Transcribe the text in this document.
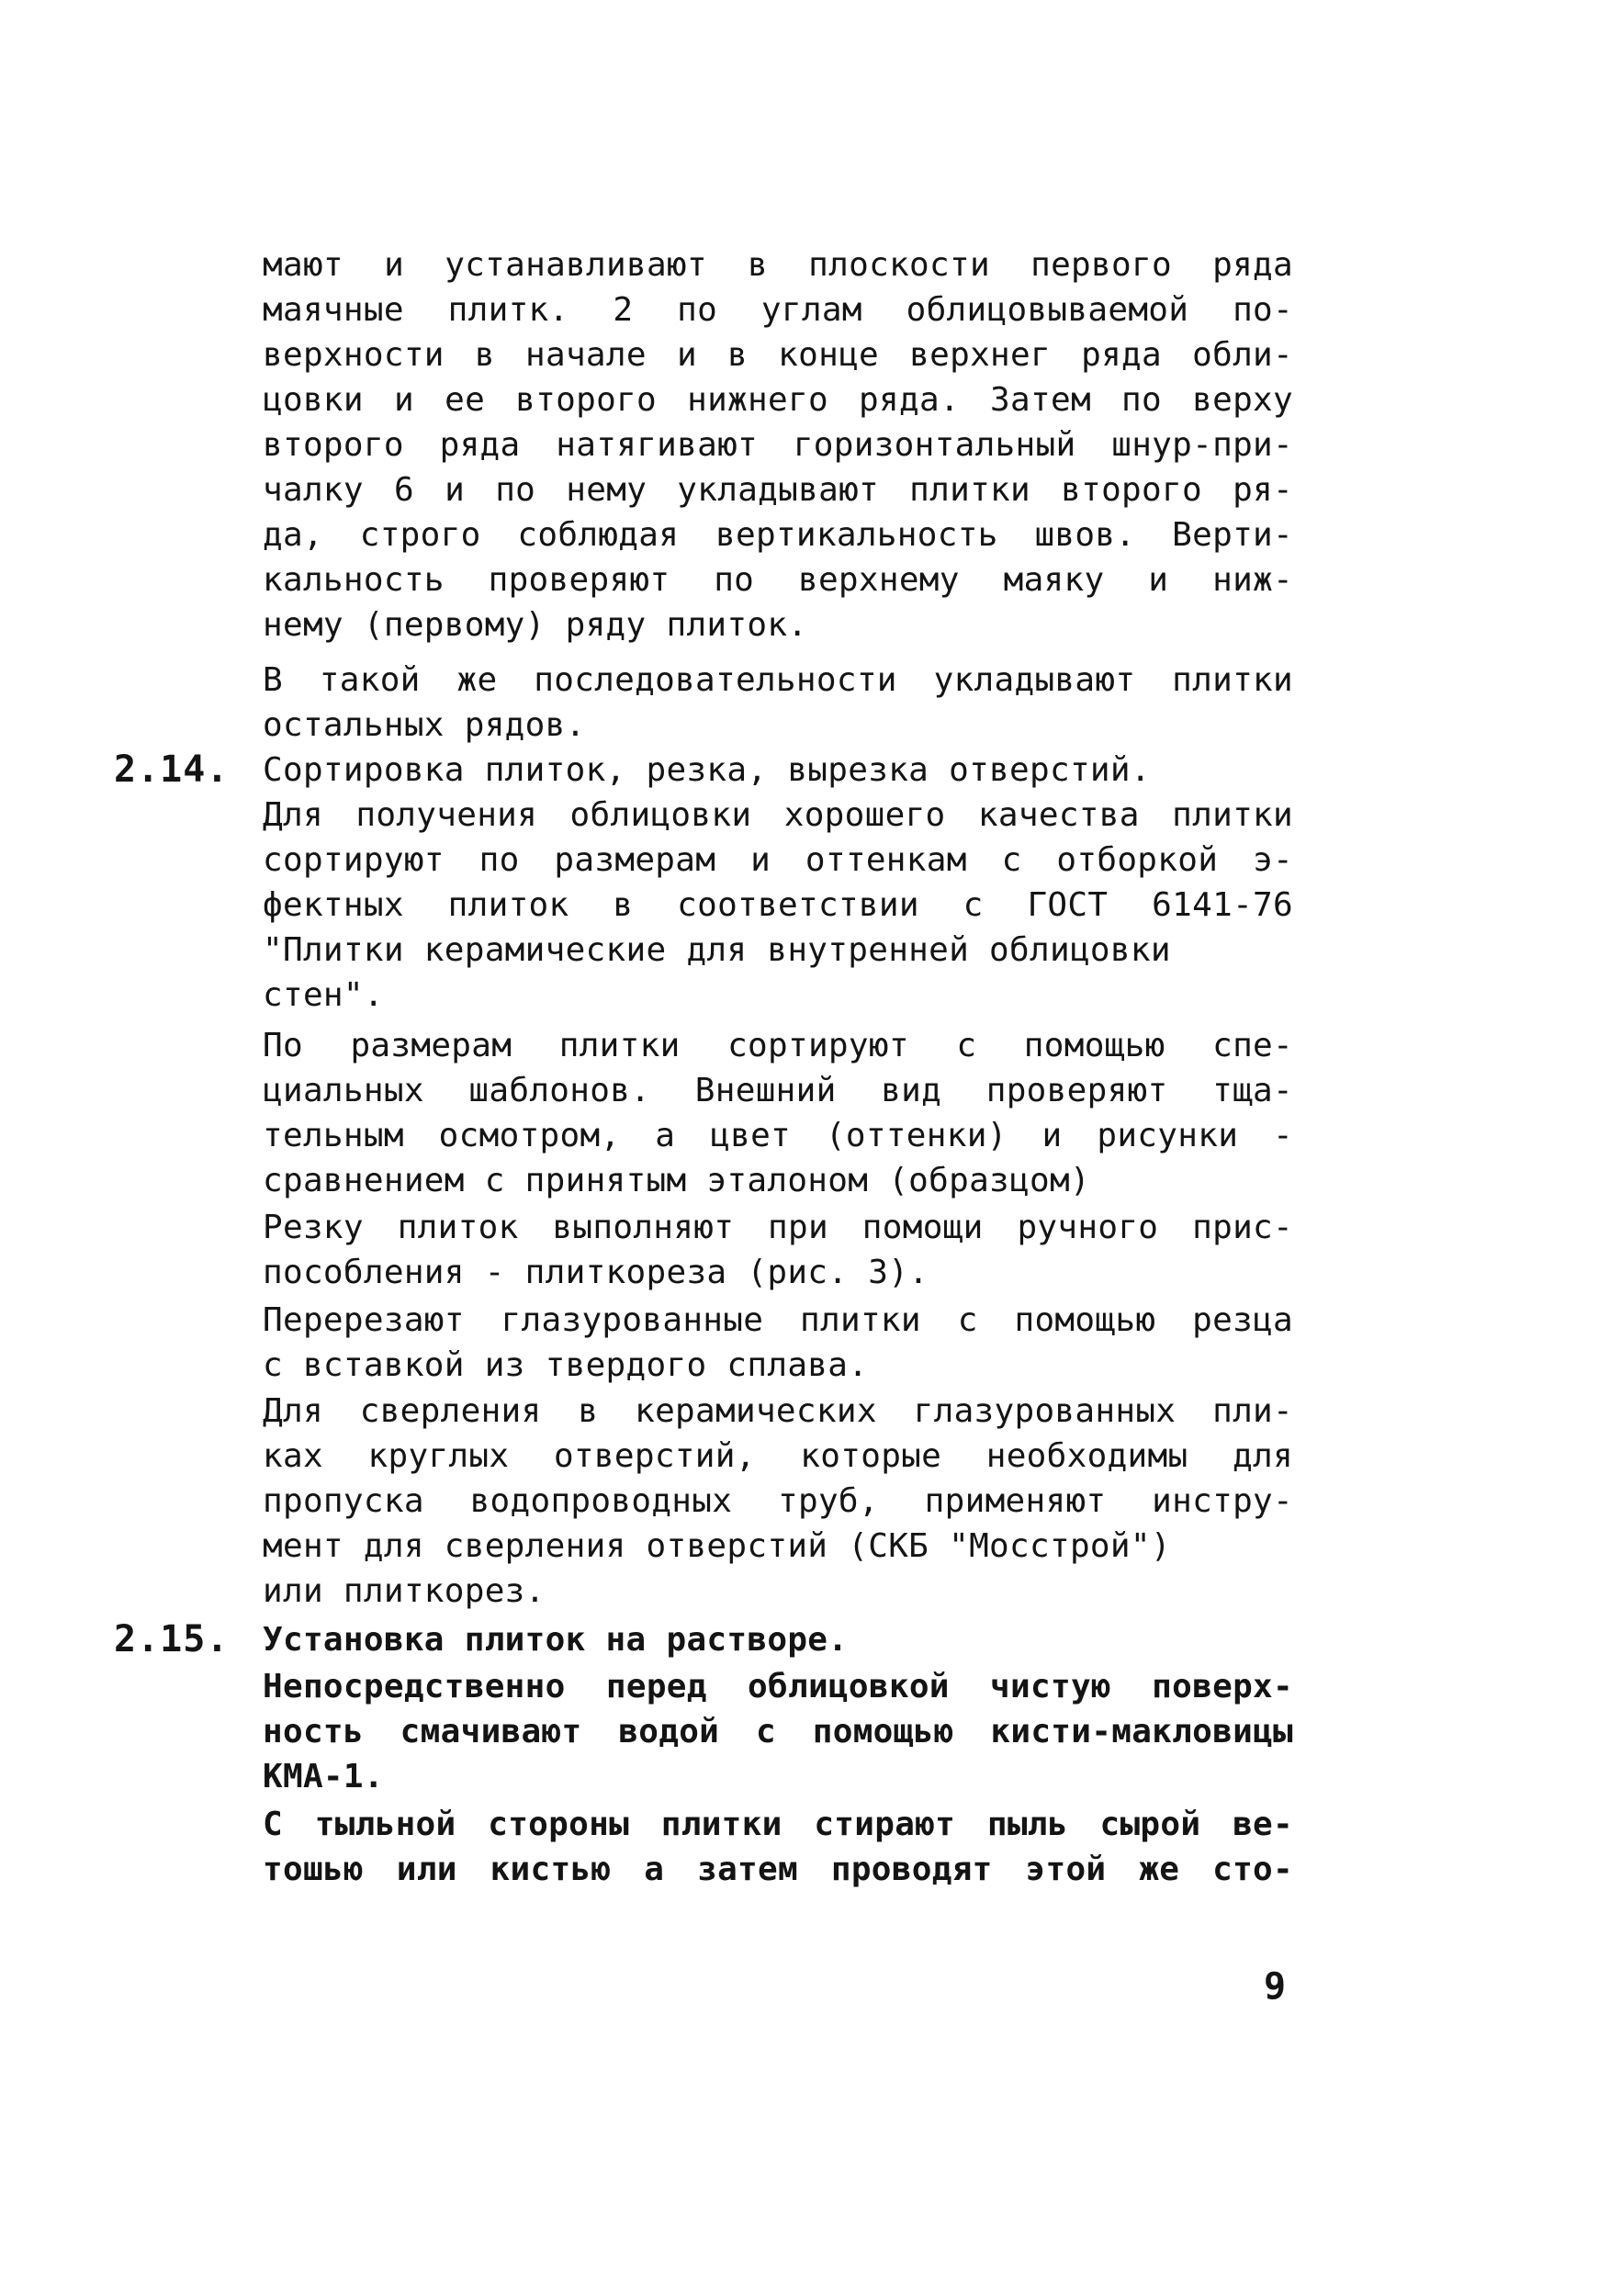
мают и устанавливают в плоскости первого ряда
маячные плитк. 2 по углам облицовываемой по-
верхности в начале и в конце верхнег ряда обли-
цовки и ее второго нижнего ряда. Затем по верху
второго ряда натягивают горизонтальный шнур-при-
чалку 6 и по нему укладывают плитки второго ря-
да, строго соблюдая вертикальность швов. Верти-
кальность проверяют по верхнему маяку и ниж-
нему (первому) ряду плиток.
В такой же последовательности укладывают плитки
остальных рядов.
2.14. Сортировка плиток, резка, вырезка отверстий.
Для получения облицовки хорошего качества плитки
сортируют по размерам и оттенкам с отборкой э-
фектных плиток в соответствии с ГОСТ 6141-76
"Плитки керамические для внутренней облицовки
стен".
По размерам плитки сортируют с помощью спе-
циальных шаблонов. Внешний вид проверяют тща-
тельным осмотром, а цвет (оттенки) и рисунки -
сравнением с принятым эталоном (образцом)
Резку плиток выполняют при помощи ручного прис-
пособления - плиткореза (рис. 3).
Перерезают глазурованные плитки с помощью резца
с вставкой из твердого сплава.
Для сверления в керамических глазурованных пли-
ках круглых отверстий, которые необходимы для
пропуска водопроводных труб, применяют инстру-
мент для сверления отверстий (СКБ "Мосстрой")
или плиткорез.
2.15. Установка плиток на растворе.
Непосредственно перед облицовкой чистую поверх-
ность смачивают водой с помощью кисти-макловицы
КМА-1.
С тыльной стороны плитки стирают пыль сырой ве-
тошью или кистью а затем проводят этой же сто-
9
